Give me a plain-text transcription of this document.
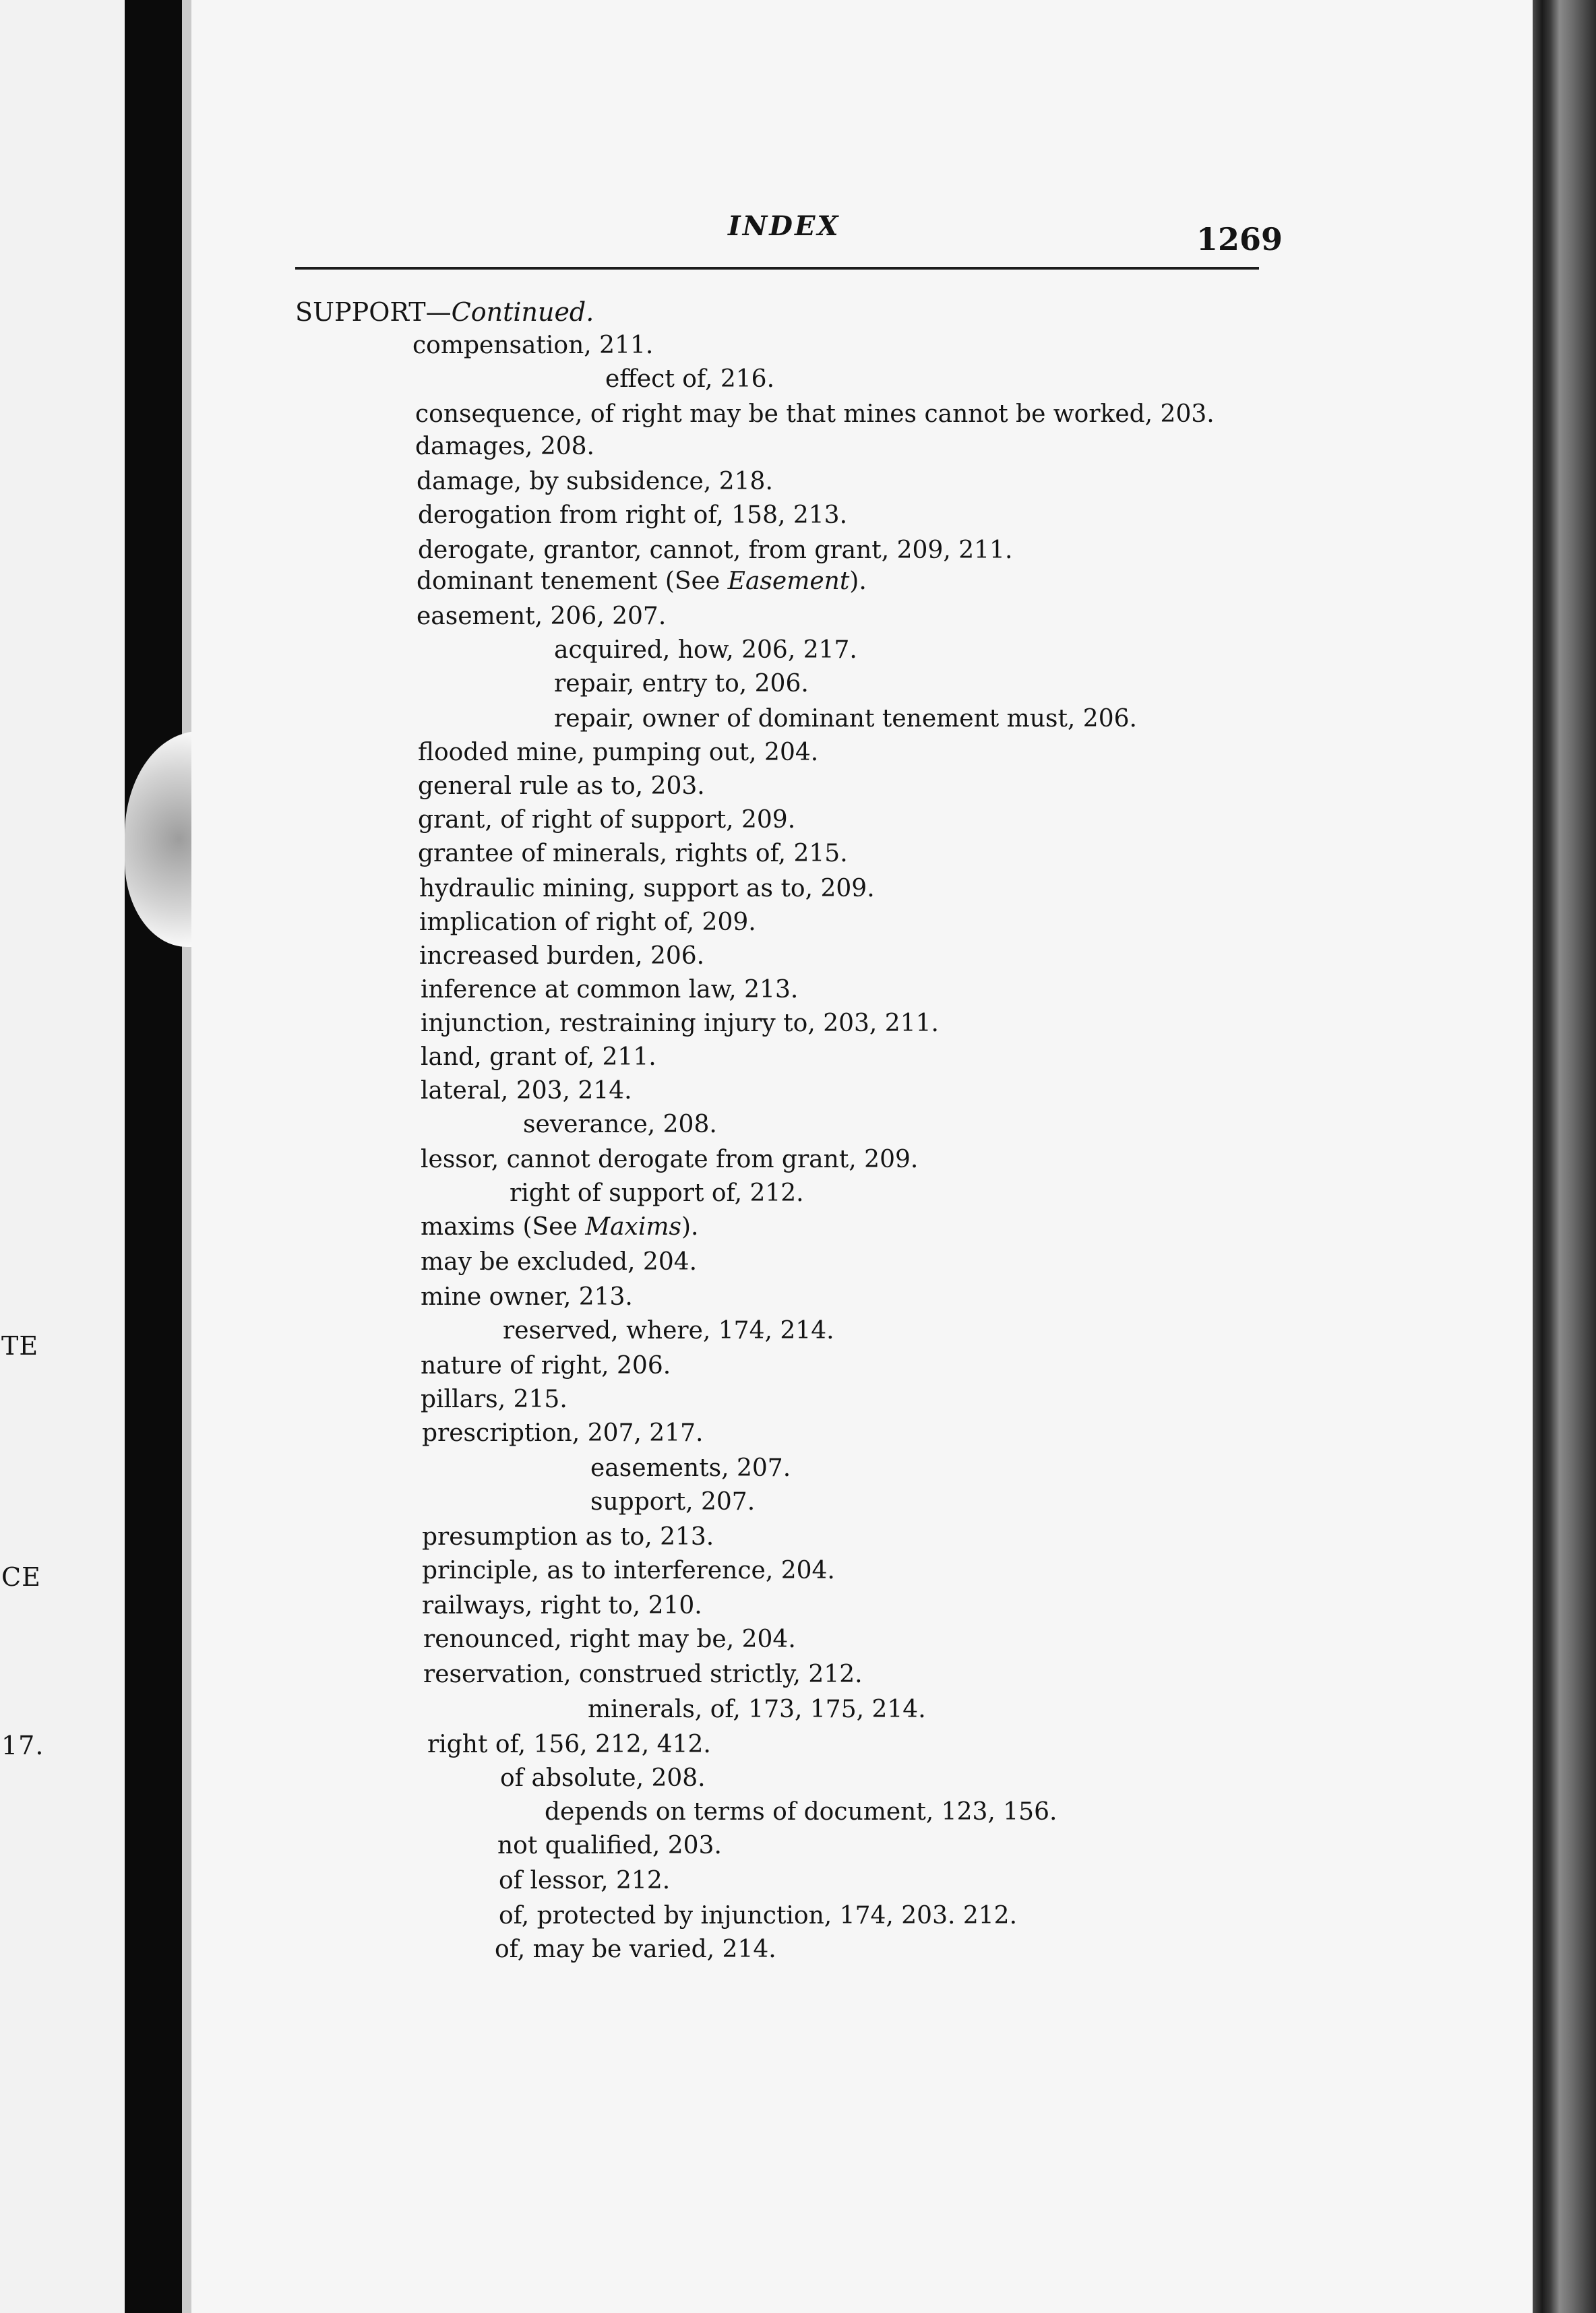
TE
CE
17.
INDEX	1269
SUPPORT—Continued.
compensation, 211.
effect of, 216.
consequence, of right may be that mines cannot be worked, 203.
damages, 208.
damage, by subsidence, 218.
derogation from right of, 158, 213.
derogate, grantor, cannot, from grant, 209, 211.
dominant tenement (See Easement).
easement, 206, 207.
acquired, how, 206, 217.
repair, entry to, 206.
repair, owner of dominant tenement must, 206.
flooded mine, pumping out, 204.
general rule as to, 203.
grant, of right of support, 209.
grantee of minerals, rights of, 215.
hydraulic mining, support as to, 209.
implication of right of, 209.
increased burden, 206.
inference at common law, 213.
injunction, restraining injury to, 203, 211.
land, grant of, 211.
lateral, 203, 214.
severance, 208.
lessor, cannot derogate from grant, 209.
right of support of, 212.
maxims (See Maxims).
may be excluded, 204.
mine owner, 213.
reserved, where, 174, 214.
nature of right, 206.
pillars, 215.
prescription, 207, 217.
easements, 207.
support, 207.
presumption as to, 213.
principle, as to interference, 204.
railways, right to, 210.
renounced, right may be, 204.
reservation, construed strictly, 212.
minerals, of, 173, 175, 214.
right of, 156, 212, 412.
of absolute, 208.
depends on terms of document, 123, 156.
not qualified, 203.
of lessor, 212.
of, protected by injunction, 174, 203. 212.
of, may be varied, 214.
